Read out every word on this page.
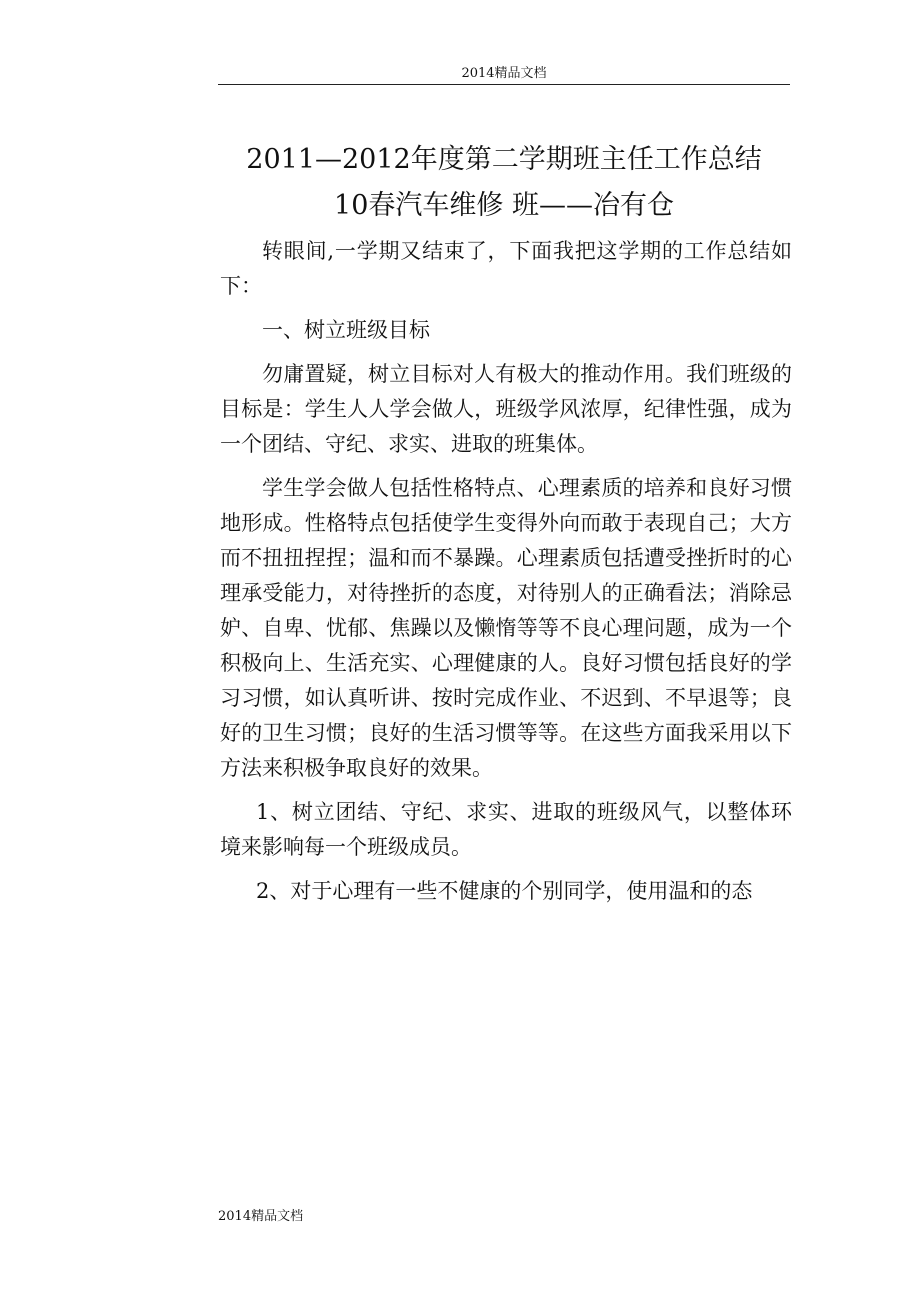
2014精品文档
2011—2012年度第二学期班主任工作总结
10春汽车维修 班——冶有仓

转眼间,一学期又结束了，下面我把这学期的工作总结如下：

一、树立班级目标

勿庸置疑，树立目标对人有极大的推动作用。我们班级的目标是：学生人人学会做人，班级学风浓厚，纪律性强，成为一个团结、守纪、求实、进取的班集体。

学生学会做人包括性格特点、心理素质的培养和良好习惯地形成。性格特点包括使学生变得外向而敢于表现自己；大方而不扭扭捏捏；温和而不暴躁。心理素质包括遭受挫折时的心理承受能力，对待挫折的态度，对待别人的正确看法；消除忌妒、自卑、忧郁、焦躁以及懒惰等等不良心理问题，成为一个积极向上、生活充实、心理健康的人。良好习惯包括良好的学习习惯，如认真听讲、按时完成作业、不迟到、不早退等；良好的卫生习惯；良好的生活习惯等等。在这些方面我采用以下方法来积极争取良好的效果。

1、树立团结、守纪、求实、进取的班级风气，以整体环境来影响每一个班级成员。

2、对于心理有一些不健康的个别同学，使用温和的态

2014精品文档
